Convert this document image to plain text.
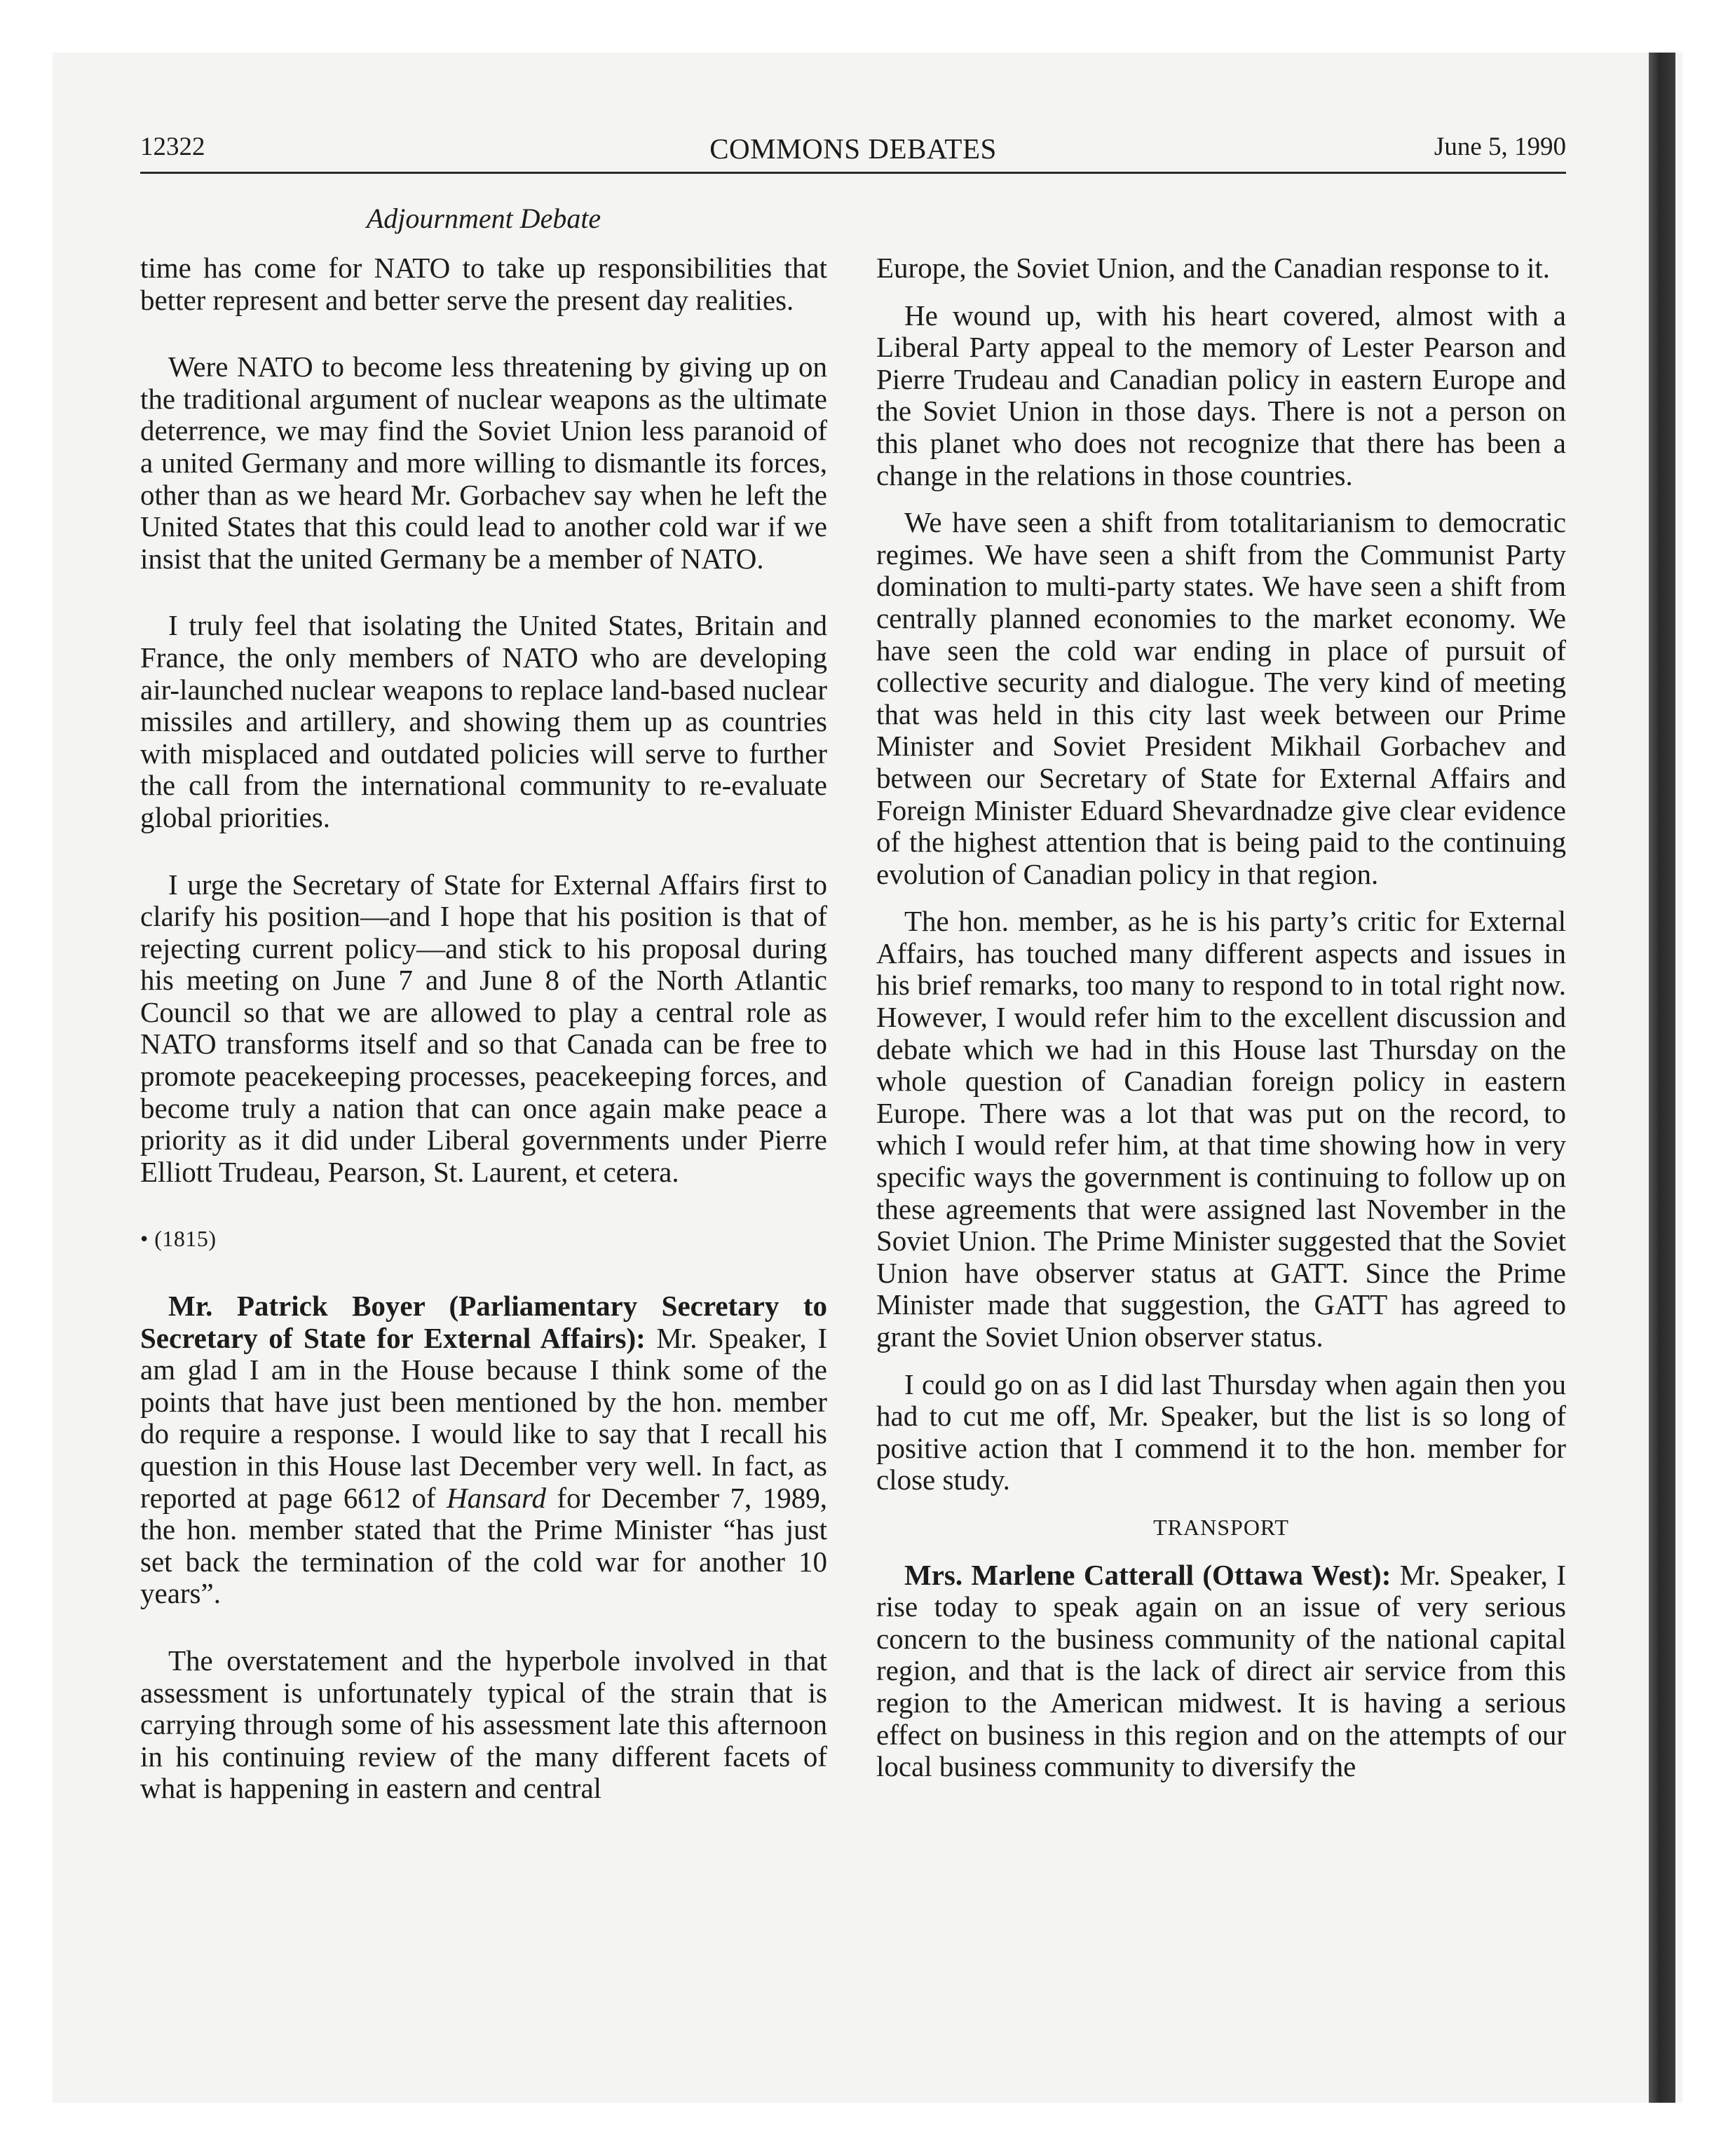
12322	COMMONS DEBATES	June 5, 1990
Adjournment Debate

time has come for NATO to take up responsibilities that better represent and better serve the present day realities.

Were NATO to become less threatening by giving up on the traditional argument of nuclear weapons as the ultimate deterrence, we may find the Soviet Union less paranoid of a united Germany and more willing to dismantle its forces, other than as we heard Mr. Gorbachev say when he left the United States that this could lead to another cold war if we insist that the united Germany be a member of NATO.

I truly feel that isolating the United States, Britain and France, the only members of NATO who are developing air-launched nuclear weapons to replace land-based nuclear missiles and artillery, and showing them up as countries with misplaced and outdated policies will serve to further the call from the international community to re-evaluate global priorities.

I urge the Secretary of State for External Affairs first to clarify his position—and I hope that his position is that of rejecting current policy—and stick to his proposal during his meeting on June 7 and June 8 of the North Atlantic Council so that we are allowed to play a central role as NATO transforms itself and so that Canada can be free to promote peacekeeping processes, peacekeeping forces, and become truly a nation that can once again make peace a priority as it did under Liberal governments under Pierre Elliott Trudeau, Pearson, St. Laurent, et cetera.

• (1815)

Mr. Patrick Boyer (Parliamentary Secretary to Secretary of State for External Affairs): Mr. Speaker, I am glad I am in the House because I think some of the points that have just been mentioned by the hon. member do require a response. I would like to say that I recall his question in this House last December very well. In fact, as reported at page 6612 of Hansard for December 7, 1989, the hon. member stated that the Prime Minister “has just set back the termination of the cold war for another 10 years”.

The overstatement and the hyperbole involved in that assessment is unfortunately typical of the strain that is carrying through some of his assessment late this afternoon in his continuing review of the many different facets of what is happening in eastern and central

Europe, the Soviet Union, and the Canadian response to it.

He wound up, with his heart covered, almost with a Liberal Party appeal to the memory of Lester Pearson and Pierre Trudeau and Canadian policy in eastern Europe and the Soviet Union in those days. There is not a person on this planet who does not recognize that there has been a change in the relations in those countries.

We have seen a shift from totalitarianism to democratic regimes. We have seen a shift from the Communist Party domination to multi-party states. We have seen a shift from centrally planned economies to the market economy. We have seen the cold war ending in place of pursuit of collective security and dialogue. The very kind of meeting that was held in this city last week between our Prime Minister and Soviet President Mikhail Gorbachev and between our Secretary of State for External Affairs and Foreign Minister Eduard Shevardnadze give clear evidence of the highest attention that is being paid to the continuing evolution of Canadian policy in that region.

The hon. member, as he is his party’s critic for External Affairs, has touched many different aspects and issues in his brief remarks, too many to respond to in total right now. However, I would refer him to the excellent discussion and debate which we had in this House last Thursday on the whole question of Canadian foreign policy in eastern Europe. There was a lot that was put on the record, to which I would refer him, at that time showing how in very specific ways the government is continuing to follow up on these agreements that were assigned last November in the Soviet Union. The Prime Minister suggested that the Soviet Union have observer status at GATT. Since the Prime Minister made that suggestion, the GATT has agreed to grant the Soviet Union observer status.

I could go on as I did last Thursday when again then you had to cut me off, Mr. Speaker, but the list is so long of positive action that I commend it to the hon. member for close study.

TRANSPORT

Mrs. Marlene Catterall (Ottawa West): Mr. Speaker, I rise today to speak again on an issue of very serious concern to the business community of the national capital region, and that is the lack of direct air service from this region to the American midwest. It is having a serious effect on business in this region and on the attempts of our local business community to diversify the
